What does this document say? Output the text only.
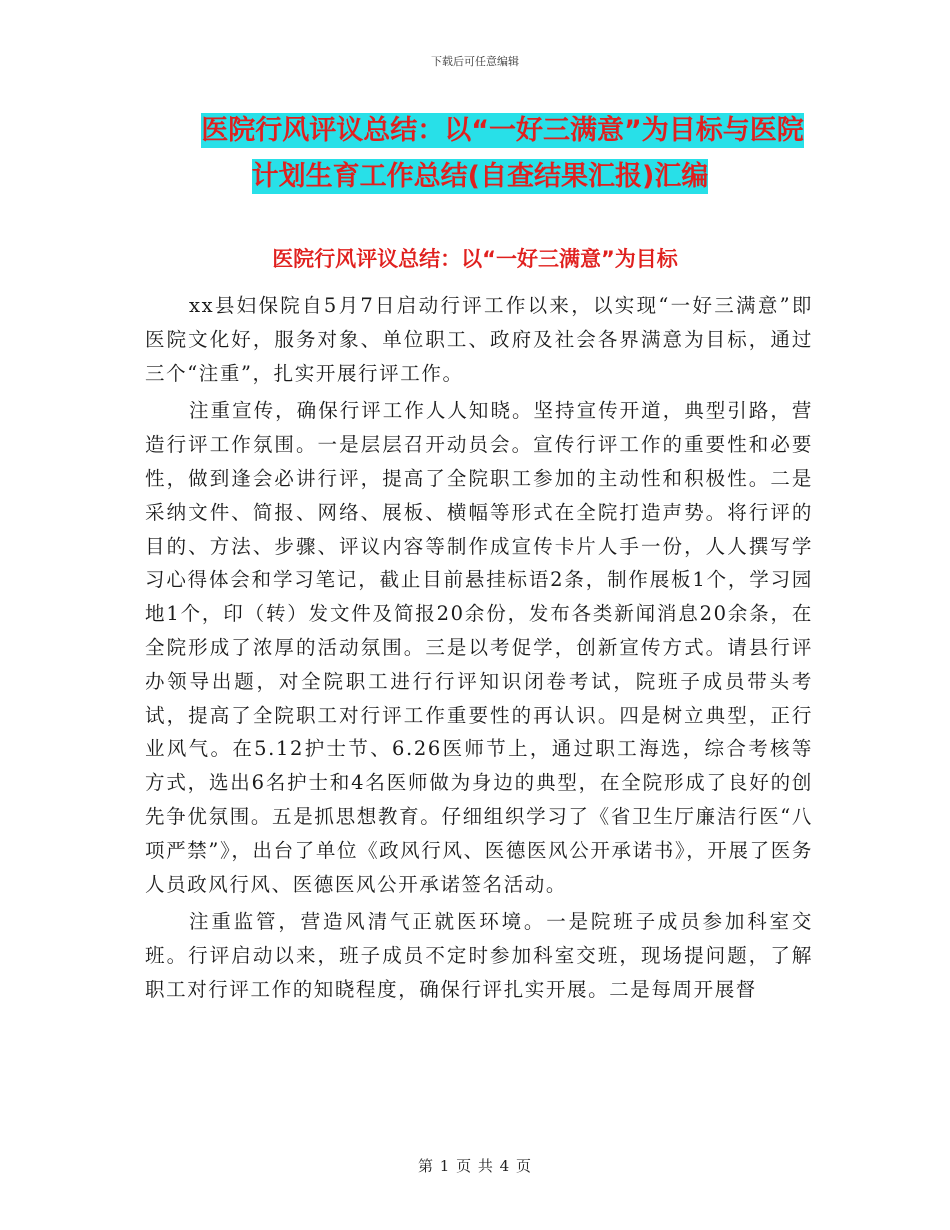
下载后可任意编辑
医院行风评议总结：以“一好三满意”为目标与医院
计划生育工作总结(自查结果汇报)汇编
医院行风评议总结：以“一好三满意”为目标

xx县妇保院自5月7日启动行评工作以来，以实现“一好三满意”即医院文化好，服务对象、单位职工、政府及社会各界满意为目标，通过三个“注重”，扎实开展行评工作。

注重宣传，确保行评工作人人知晓。坚持宣传开道，典型引路，营造行评工作氛围。一是层层召开动员会。宣传行评工作的重要性和必要性，做到逢会必讲行评，提高了全院职工参加的主动性和积极性。二是采纳文件、简报、网络、展板、横幅等形式在全院打造声势。将行评的目的、方法、步骤、评议内容等制作成宣传卡片人手一份，人人撰写学习心得体会和学习笔记，截止目前悬挂标语2条，制作展板1个，学习园地1个，印（转）发文件及简报20余份，发布各类新闻消息20余条，在全院形成了浓厚的活动氛围。三是以考促学，创新宣传方式。请县行评办领导出题，对全院职工进行行评知识闭卷考试，院班子成员带头考试，提高了全院职工对行评工作重要性的再认识。四是树立典型，正行业风气。在5.12护士节、6.26医师节上，通过职工海选，综合考核等方式，选出6名护士和4名医师做为身边的典型，在全院形成了良好的创先争优氛围。五是抓思想教育。仔细组织学习了《省卫生厅廉洁行医“八项严禁”》，出台了单位《政风行风、医德医风公开承诺书》，开展了医务人员政风行风、医德医风公开承诺签名活动。

注重监管，营造风清气正就医环境。一是院班子成员参加科室交班。行评启动以来，班子成员不定时参加科室交班，现场提问题，了解职工对行评工作的知晓程度，确保行评扎实开展。二是每周开展督

第 1 页 共 4 页
